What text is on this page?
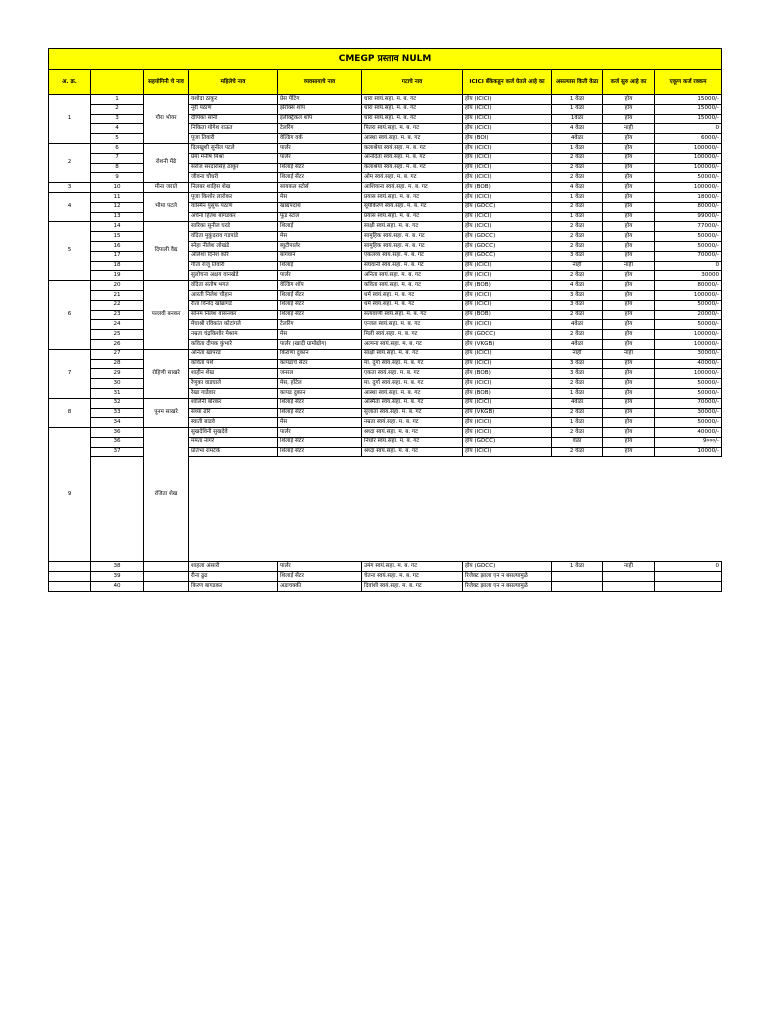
CMEGP प्रस्ताव NULM									
अ. क्र.		सहयोगिनी चे नाव	महिलेचे नाव	व्यवसायाचे नाव	गटाचे नाव	ICICI बॅंकेकडून कर्ज घेतले आहे का	असल्यास किती वेळा	कर्ज सुरु आहे का	एकूण कर्ज रक्कम
1	1	गौरा भोयर	यशोदा ठाकुर	प्रेस पेंटिंग	धारा स्वयं.सहा. म. ब. गट	होय (ICICI)	1 वेळा	होय	15000/-
	2		नूरी पठाण	झेरॉक्स शॉप	धारा स्वयं.सहा. म. ब. गट	होय (ICICI)	1 वेळा	होय	15000/-
	3		दीपिका सोनी	इलेक्ट्रिकल शॉप	धारा स्वयं.सहा. म. ब. गट	होय (ICICI)	1वेळा	होय	15000/-
	4		निकिता योगेश राऊत	टेलरिंग	पितरा स्वयं.सहा. म. ब. गट	होय (ICICI)	4 वेळा	नाही	0
	5		पूजा तिवारी	वेल्डिंग वर्क	आस्था स्वयं.सहा. म. ब. गट	होय (BOI)	4वेळा	होय	6000/-
2	6	रोशनी मेंढे	दिलखुशी सुनील पटले	पार्लर	कलाश्रेया स्वयं.सहा. म. ब. गट	होय (ICICI)	1 वेळा	होय	100000/-
	7		प्रेमा मनीष मिश्रा	पार्लर	आनंदिता स्वयं.सहा. म. ब. गट	होय (ICICI)	2 वेळा	होय	100000/-
	8		सरोज सरदारसिंह ठाकूर	शिलाई सेंटर	कलाश्रेया स्वयं.सहा. म. ब. गट	होय (ICICI)	2 वेळा	होय	100000/-
	9		जीवना चौधरी	शिलाई सेंटर	ओम स्वयं.सहा. म. ब. गट	होय (ICICI)	2 वेळा	होय	50000/-
3	10	मीना जराते	निलबर शाहिस शेख	सायकल स्टोर्स	आशियाना स्वयं.सहा. म. ब. गट	होय (BOB)	4 वेळा	होय	100000/-
4	11	भीमा पटले	पूजा किशोर लारोकर	मेस	प्रयास स्वयं.सहा. म. ब. गट	होय (ICICI)	1 वेळा	होय	18000/-
	12		यास्मिन युसुफ पठाण	खाद्यपदार्थ	सूर्यकिरण स्वयं.सहा. म. ब. गट	होय (GDCC)	2 वेळा	होय	80000/-
	13		अर्चना हितेश बागडकर	फूड स्टाल	प्रयास स्वयं.सहा. म. ब. गट	होय (ICICI)	1 वेळा	होय	99000/-
5	14	दिपाली वैद्य	सारिका सुनील घरडे	शिलाई	साक्षी स्वयं.सहा. म. ब. गट	होय (ICICI)	2 वेळा	होय	77000/-
	15		वंदिता मुकुंदराव गडपांडे	मेस	सामुहिक स्वयं.सहा. म. ब. गट	होय (GDCC)	2 वेळा	होय	50000/-
	16		स्नेहा नीलेश लोखंडे	ब्युटीपार्लर	सामुहिक स्वयं.सहा. म. ब. गट	होय (GDCC)	2 वेळा	होय	50000/-
	17		अलिशा दिनेश कोरे	बागवान	एकलव्य स्वयं.सहा. म. ब. गट	होय (GDCC)	3 वेळा	होय	70000/-
	18		गीता राजू तिवारी	शिलाई	संघवानी स्वयं.सहा. म. ब. गट	होय (ICICI)	नाही	नाही	0
	19		सुलोचना अक्षय वानखेडे	पार्लर	अनिता स्वयं.सहा. म. ब. गट	होय (ICICI)	2 वेळा	होय	30000
6	20	पल्लवी बनकर	वंदिता संतोष भगत	वेल्डिंग शॉप	कविता स्वयं.सहा. म. ब. गट	होय (BOB)	4 वेळा	होय	80000/-
	21		आरती निलेश चौहान	शिलाई सेंटर	धर्म स्वयं.सहा. म. ब. गट	होय (ICICI)	3 वेळा	होय	100000/-
	22		रीता विनोद खोब्रागडे	शिलाई सेंटर	धर्म स्वयं.सहा. म. ब. गट	होय (ICICI)	3 वेळा	होय	50000/-
	23		सोनम निलेश वासनकर	शिलाई सेंटर	सत्यवाणी स्वयं.सहा. म. ब. गट	होय (BOB)	2 वेळा	होय	20000/-
	24		मेघाश्री रविकांत कोटांगले	टेलरिंग	एन्जल स्वयं.सहा. म. ब. गट	होय (ICICI)	4वेळा	होय	50000/-
	25		नम्रता चंद्रकिशोर मेश्राम	मेस	मिली स्वयं.सहा. म. ब. गट	होय (GDCC)	2 वेळा	होय	100000/-
	26		कविता दीपक कुंभारे	पार्लर (खादी ग्रामोद्योग)	अल्पना स्वयं.सहा. म. ब. गट	होय (VKGB)	4वेळा	होय	100000/-
7	27	रोहिणी साखरे	अनिता खापरडे	किराणा दुकान	साक्षी स्वयं.सहा. म. ब. गट	होय (ICICI)	नाही	नाही	30000/-
	28		कविता पशे	कापडांचे सेंटर	मा. दुर्गा स्वयं.सहा. म. ब. गट	होय (ICICI)	3 वेळा	होय	40000/-
	29		शाहीन शेख	जनरल	एकता स्वयं.सहा. म. ब. गट	होय (BOB)	3 वेळा	होय	100000/-
	30		रेणुका वाडघाले	मेस, हॉटेल	मा. दुर्गा स्वयं.सहा. म. ब. गट	होय (ICICI)	2 वेळा	होय	50000/-
	31		रेखा गाडेवार	कापड दुकान	आस्था स्वयं.सहा. म. ब. गट	होय (BOB)	1 वेळा	होय	50000/-
8	32	पूनम साखरे	शालिनी बोरकर	शिलाई सेंटर	अस्मिता स्वयं.सहा. म. ब. गट	होय (ICICI)	4वेळा	होय	70000/-
	33		संध्या ढोरे	शिलाई सेंटर	सुजाता स्वयं.सहा. म. ब. गट	होय (VKGB)	2 वेळा	होय	30000/-
	34		स्वाती बाडवे	मेस	नम्रता स्वयं.सहा. म. ब. गट	होय (ICICI)	1 वेळा	होय	50000/-
9	36	रंजिता शेख	सुखदेविनी सुखदेवे	पार्लर	श्रध्दा स्वयं.सहा. म. ब. गट	होय (ICICI)	2 वेळा	होय	40000/-
	36		ममता नागरे	शिलाई सेंटर	निर्धार स्वयं.सहा. म. ब. गट	होय (GDCC)	वेळा	होय	9०००/-
	37		प्रतिभा रामटेके	शिलाई सेंटर	श्रध्दा स्वयं.सहा. म. ब. गट	होय (ICICI)	2 वेळा	होय	10000/-

	38		शाहला अंसारी	पार्लर	उमंग स्वयं.सहा. म. ब. गट	होय (GDCC)	1 वेळा	नाही	0
	39		रीना ढुढ	शिलाई सेंटर	चेतना स्वयं.सहा. म. ब. गट	रिजेक्ट झाला एन न बसल्यामुळे			
	40		किरण बागडकर	अडाचक्की	दिवांशी स्वयं.सहा. म. ब. गट	रिजेक्ट झाला एन न बसल्यामुळे			
